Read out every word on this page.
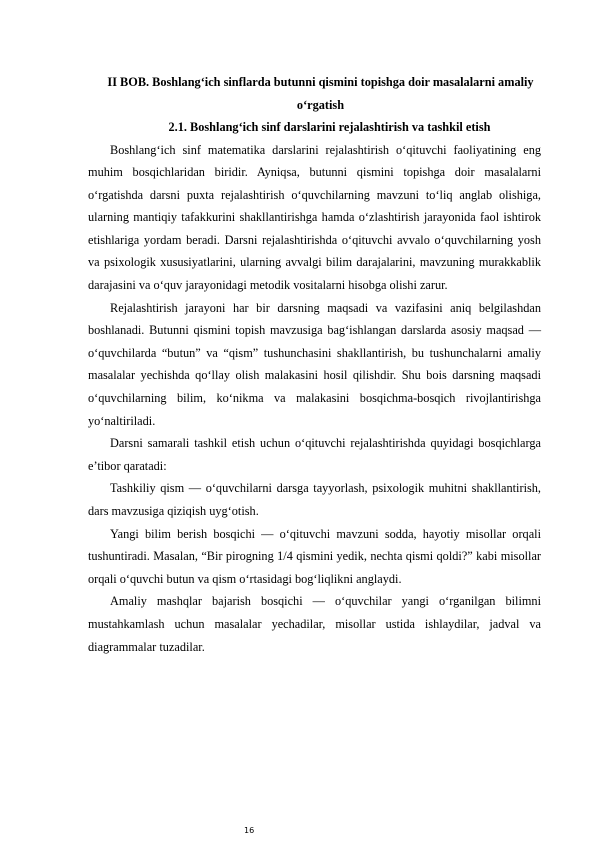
II BOB. Boshlang‘ich sinflarda butunni qismini topishga doir masalalarni amaliy o‘rgatish
2.1. Boshlang‘ich sinf darslarini rejalashtirish va tashkil etish

Boshlang‘ich sinf matematika darslarini rejalashtirish o‘qituvchi faoliyatining eng muhim bosqichlaridan biridir. Ayniqsa, butunni qismini topishga doir masalalarni o‘rgatishda darsni puxta rejalashtirish o‘quvchilarning mavzuni to‘liq anglab olishiga, ularning mantiqiy tafakkurini shakllantirishga hamda o‘zlashtirish jarayonida faol ishtirok etishlariga yordam beradi. Darsni rejalashtirishda o‘qituvchi avvalo o‘quvchilarning yosh va psixologik xususiyatlarini, ularning avvalgi bilim darajalarini, mavzuning murakkablik darajasini va o‘quv jarayonidagi metodik vositalarni hisobga olishi zarur.

Rejalashtirish jarayoni har bir darsning maqsadi va vazifasini aniq belgilashdan boshlanadi. Butunni qismini topish mavzusiga bag‘ishlangan darslarda asosiy maqsad — o‘quvchilarda “butun” va “qism” tushunchasini shakllantirish, bu tushunchalarni amaliy masalalar yechishda qo‘llay olish malakasini hosil qilishdir. Shu bois darsning maqsadi o‘quvchilarning bilim, ko‘nikma va malakasini bosqichma-bosqich rivojlantirishga yo‘naltiriladi.

Darsni samarali tashkil etish uchun o‘qituvchi rejalashtirishda quyidagi bosqichlarga e’tibor qaratadi:

Tashkiliy qism — o‘quvchilarni darsga tayyorlash, psixologik muhitni shakllantirish, dars mavzusiga qiziqish uyg‘otish.

Yangi bilim berish bosqichi — o‘qituvchi mavzuni sodda, hayotiy misollar orqali tushuntiradi. Masalan, “Bir pirogning 1/4 qismini yedik, nechta qismi qoldi?” kabi misollar orqali o‘quvchi butun va qism o‘rtasidagi bog‘liqlikni anglaydi.

Amaliy mashqlar bajarish bosqichi — o‘quvchilar yangi o‘rganilgan bilimni mustahkamlash uchun masalalar yechadilar, misollar ustida ishlaydilar, jadval va diagrammalar tuzadilar.

16
